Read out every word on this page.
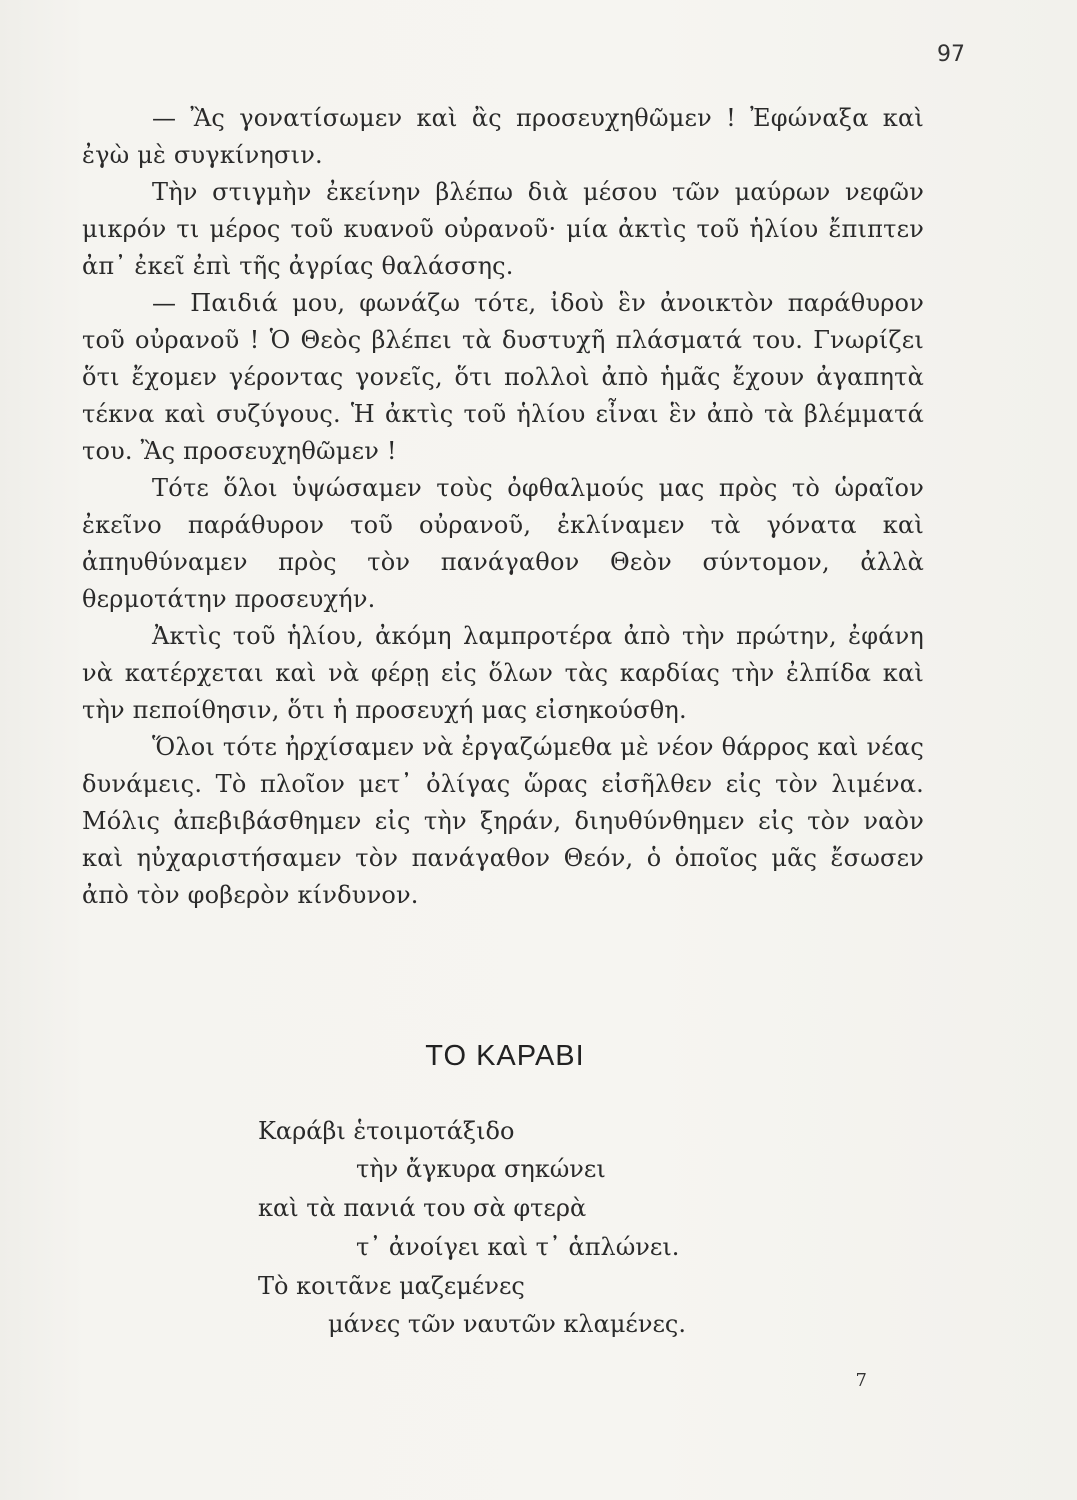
97

— Ἂς γονατίσωμεν καὶ ἂς προσευχηθῶμεν ! Ἐφώναξα καὶ ἐγὼ μὲ συγκίνησιν.

Τὴν στιγμὴν ἐκείνην βλέπω διὰ μέσου τῶν μαύρων νεφῶν μικρόν τι μέρος τοῦ κυανοῦ οὐρανοῦ· μία ἀκτὶς τοῦ ἡλίου ἔπιπτεν ἀπ᾿ ἐκεῖ ἐπὶ τῆς ἀγρίας θαλάσσης.

— Παιδιά μου, φωνάζω τότε, ἰδοὺ ἓν ἀνοικτὸν παράθυρον τοῦ οὐρανοῦ ! Ὁ Θεὸς βλέπει τὰ δυστυχῆ πλάσματά του. Γνωρίζει ὅτι ἔχομεν γέροντας γονεῖς, ὅτι πολλοὶ ἀπὸ ἡμᾶς ἔχουν ἀγαπητὰ τέκνα καὶ συζύγους. Ἡ ἀκτὶς τοῦ ἡλίου εἶναι ἓν ἀπὸ τὰ βλέμματά του. Ἂς προσευχηθῶμεν !

Τότε ὅλοι ὑψώσαμεν τοὺς ὀφθαλμούς μας πρὸς τὸ ὡραῖον ἐκεῖνο παράθυρον τοῦ οὐρανοῦ, ἐκλίναμεν τὰ γόνατα καὶ ἀπηυθύναμεν πρὸς τὸν πανάγαθον Θεὸν σύντομον, ἀλλὰ θερμοτάτην προσευχήν.

Ἀκτὶς τοῦ ἡλίου, ἀκόμη λαμπροτέρα ἀπὸ τὴν πρώτην, ἐφάνη νὰ κατέρχεται καὶ νὰ φέρῃ εἰς ὅλων τὰς καρδίας τὴν ἐλπίδα καὶ τὴν πεποίθησιν, ὅτι ἡ προσευχή μας εἰσηκούσθη.

Ὅλοι τότε ἠρχίσαμεν νὰ ἐργαζώμεθα μὲ νέον θάρρος καὶ νέας δυνάμεις. Τὸ πλοῖον μετ᾿ ὀλίγας ὥρας εἰσῆλθεν εἰς τὸν λιμένα. Μόλις ἀπεβιβάσθημεν εἰς τὴν ξηράν, διηυθύνθημεν εἰς τὸν ναὸν καὶ ηὐχαριστήσαμεν τὸν πανάγαθον Θεόν, ὁ ὁποῖος μᾶς ἔσωσεν ἀπὸ τὸν φοβερὸν κίνδυνον.

ΤΟ ΚΑΡΑΒΙ
Καράβι ἑτοιμοτάξιδο
τὴν ἄγκυρα σηκώνει
καὶ τὰ πανιά του σὰ φτερὰ
τ᾿ ἀνοίγει καὶ τ᾿ ἁπλώνει.
Τὸ κοιτᾶνε μαζεμένες
μάνες τῶν ναυτῶν κλαμένες.
7
